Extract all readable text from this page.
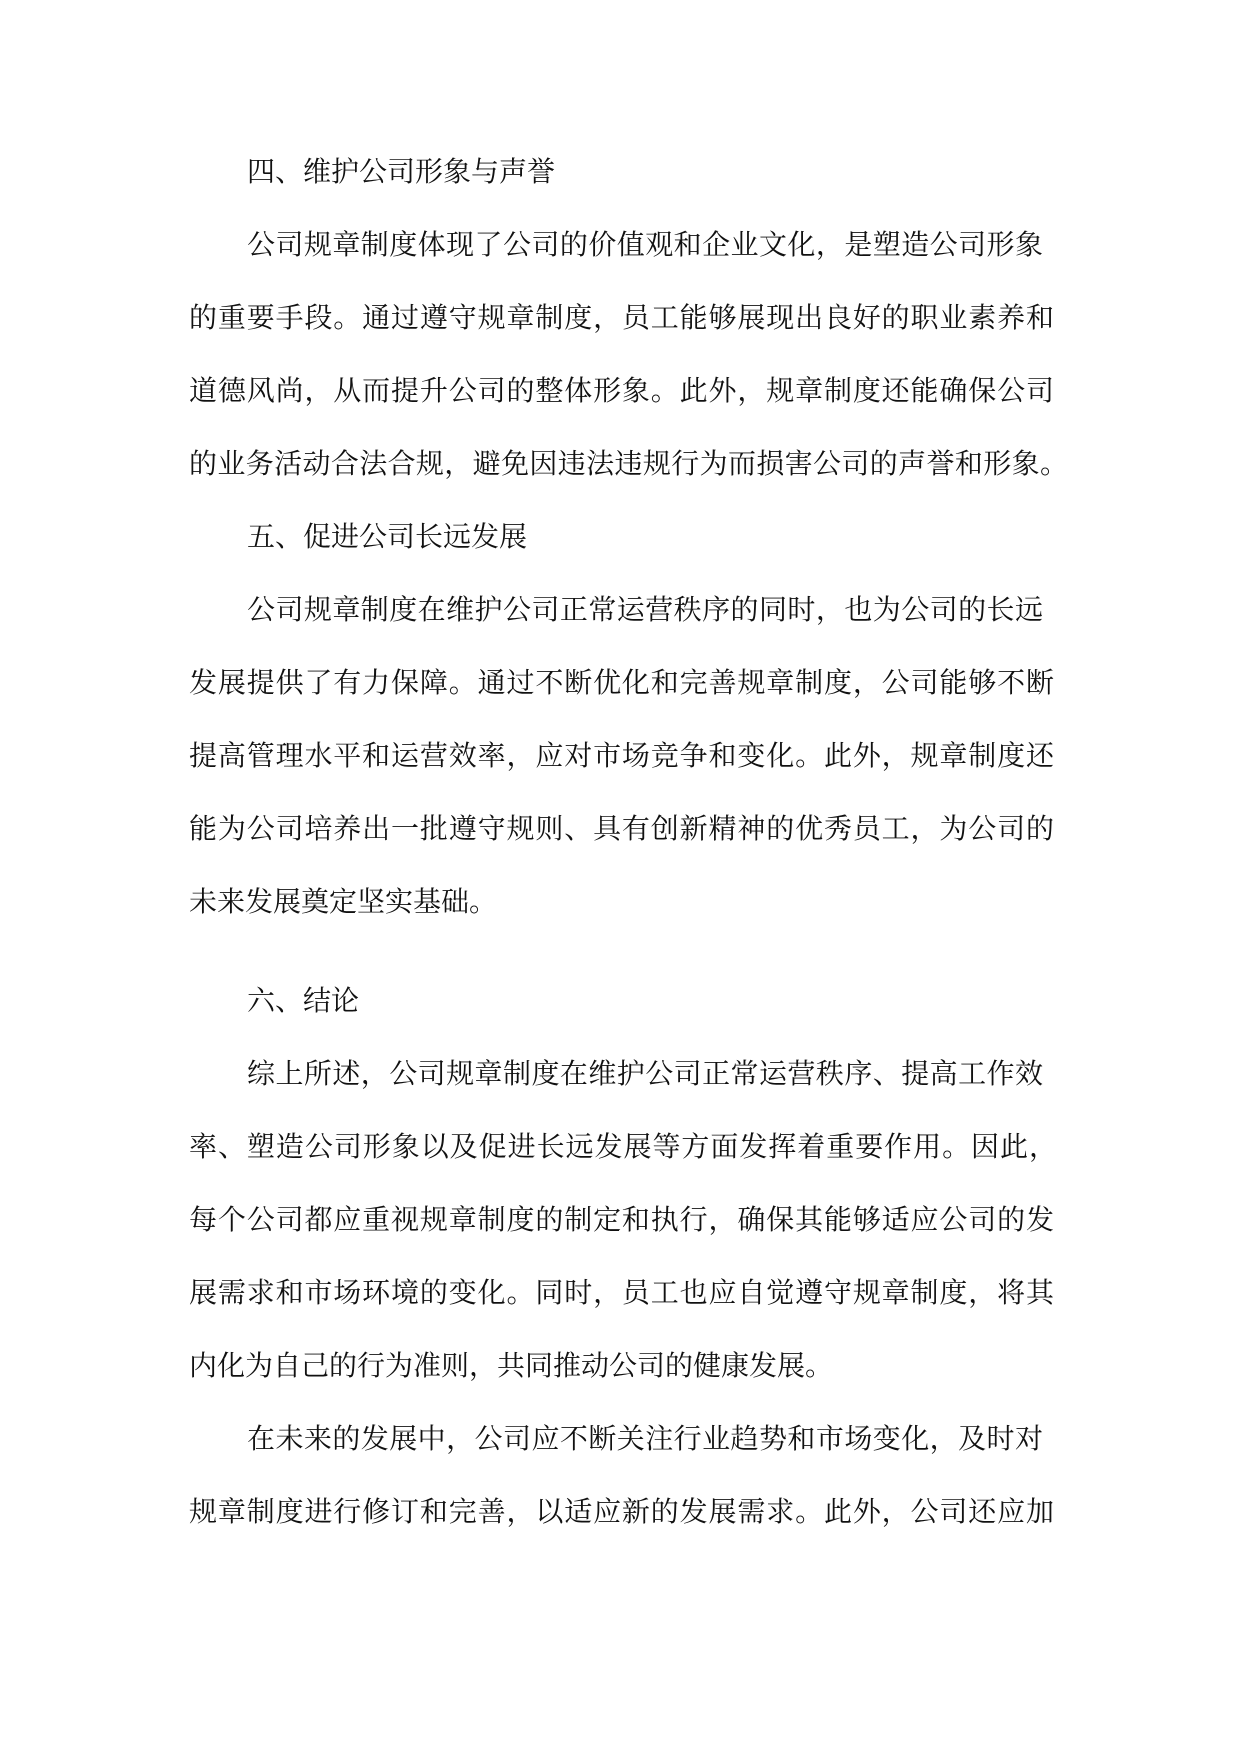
四、维护公司形象与声誉
公司规章制度体现了公司的价值观和企业文化，是塑造公司形象
的重要手段。通过遵守规章制度，员工能够展现出良好的职业素养和
道德风尚，从而提升公司的整体形象。此外，规章制度还能确保公司
的业务活动合法合规，避免因违法违规行为而损害公司的声誉和形象。
五、促进公司长远发展
公司规章制度在维护公司正常运营秩序的同时，也为公司的长远
发展提供了有力保障。通过不断优化和完善规章制度，公司能够不断
提高管理水平和运营效率，应对市场竞争和变化。此外，规章制度还
能为公司培养出一批遵守规则、具有创新精神的优秀员工，为公司的
未来发展奠定坚实基础。
六、结论
综上所述，公司规章制度在维护公司正常运营秩序、提高工作效
率、塑造公司形象以及促进长远发展等方面发挥着重要作用。因此，
每个公司都应重视规章制度的制定和执行，确保其能够适应公司的发
展需求和市场环境的变化。同时，员工也应自觉遵守规章制度，将其
内化为自己的行为准则，共同推动公司的健康发展。
在未来的发展中，公司应不断关注行业趋势和市场变化，及时对
规章制度进行修订和完善，以适应新的发展需求。此外，公司还应加
